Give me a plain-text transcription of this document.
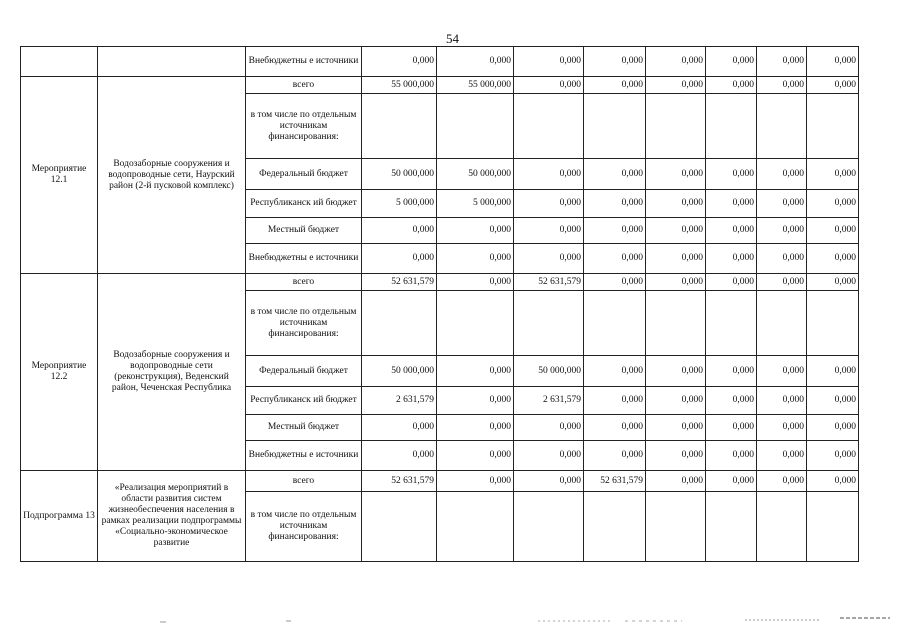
54
		Внебюджетны е источники	0,000	0,000	0,000	0,000	0,000	0,000	0,000	0,000
Мероприятие 12.1	Водозаборные сооружения и водопроводные сети, Наурский район (2-й пусковой комплекс)	всего	55 000,000	55 000,000	0,000	0,000	0,000	0,000	0,000	0,000
		в том числе по отдельным источникам финансирования:								
		Федеральный бюджет	50 000,000	50 000,000	0,000	0,000	0,000	0,000	0,000	0,000
		Республиканск ий бюджет	5 000,000	5 000,000	0,000	0,000	0,000	0,000	0,000	0,000
		Местный бюджет	0,000	0,000	0,000	0,000	0,000	0,000	0,000	0,000
		Внебюджетны е источники	0,000	0,000	0,000	0,000	0,000	0,000	0,000	0,000
Мероприятие 12.2	Водозаборные сооружения и водопроводные сети (реконструкция), Веденский район, Чеченская Республика	всего	52 631,579	0,000	52 631,579	0,000	0,000	0,000	0,000	0,000
		в том числе по отдельным источникам финансирования:								
		Федеральный бюджет	50 000,000	0,000	50 000,000	0,000	0,000	0,000	0,000	0,000
		Республиканск ий бюджет	2 631,579	0,000	2 631,579	0,000	0,000	0,000	0,000	0,000
		Местный бюджет	0,000	0,000	0,000	0,000	0,000	0,000	0,000	0,000
		Внебюджетны е источники	0,000	0,000	0,000	0,000	0,000	0,000	0,000	0,000
Подпрограмма 13	«Реализация мероприятий в области развития систем жизнеобеспечения населения в рамках реализации подпрограммы «Социально-экономическое развитие	всего	52 631,579	0,000	0,000	52 631,579	0,000	0,000	0,000	0,000
		в том числе по отдельным источникам финансирования:								
